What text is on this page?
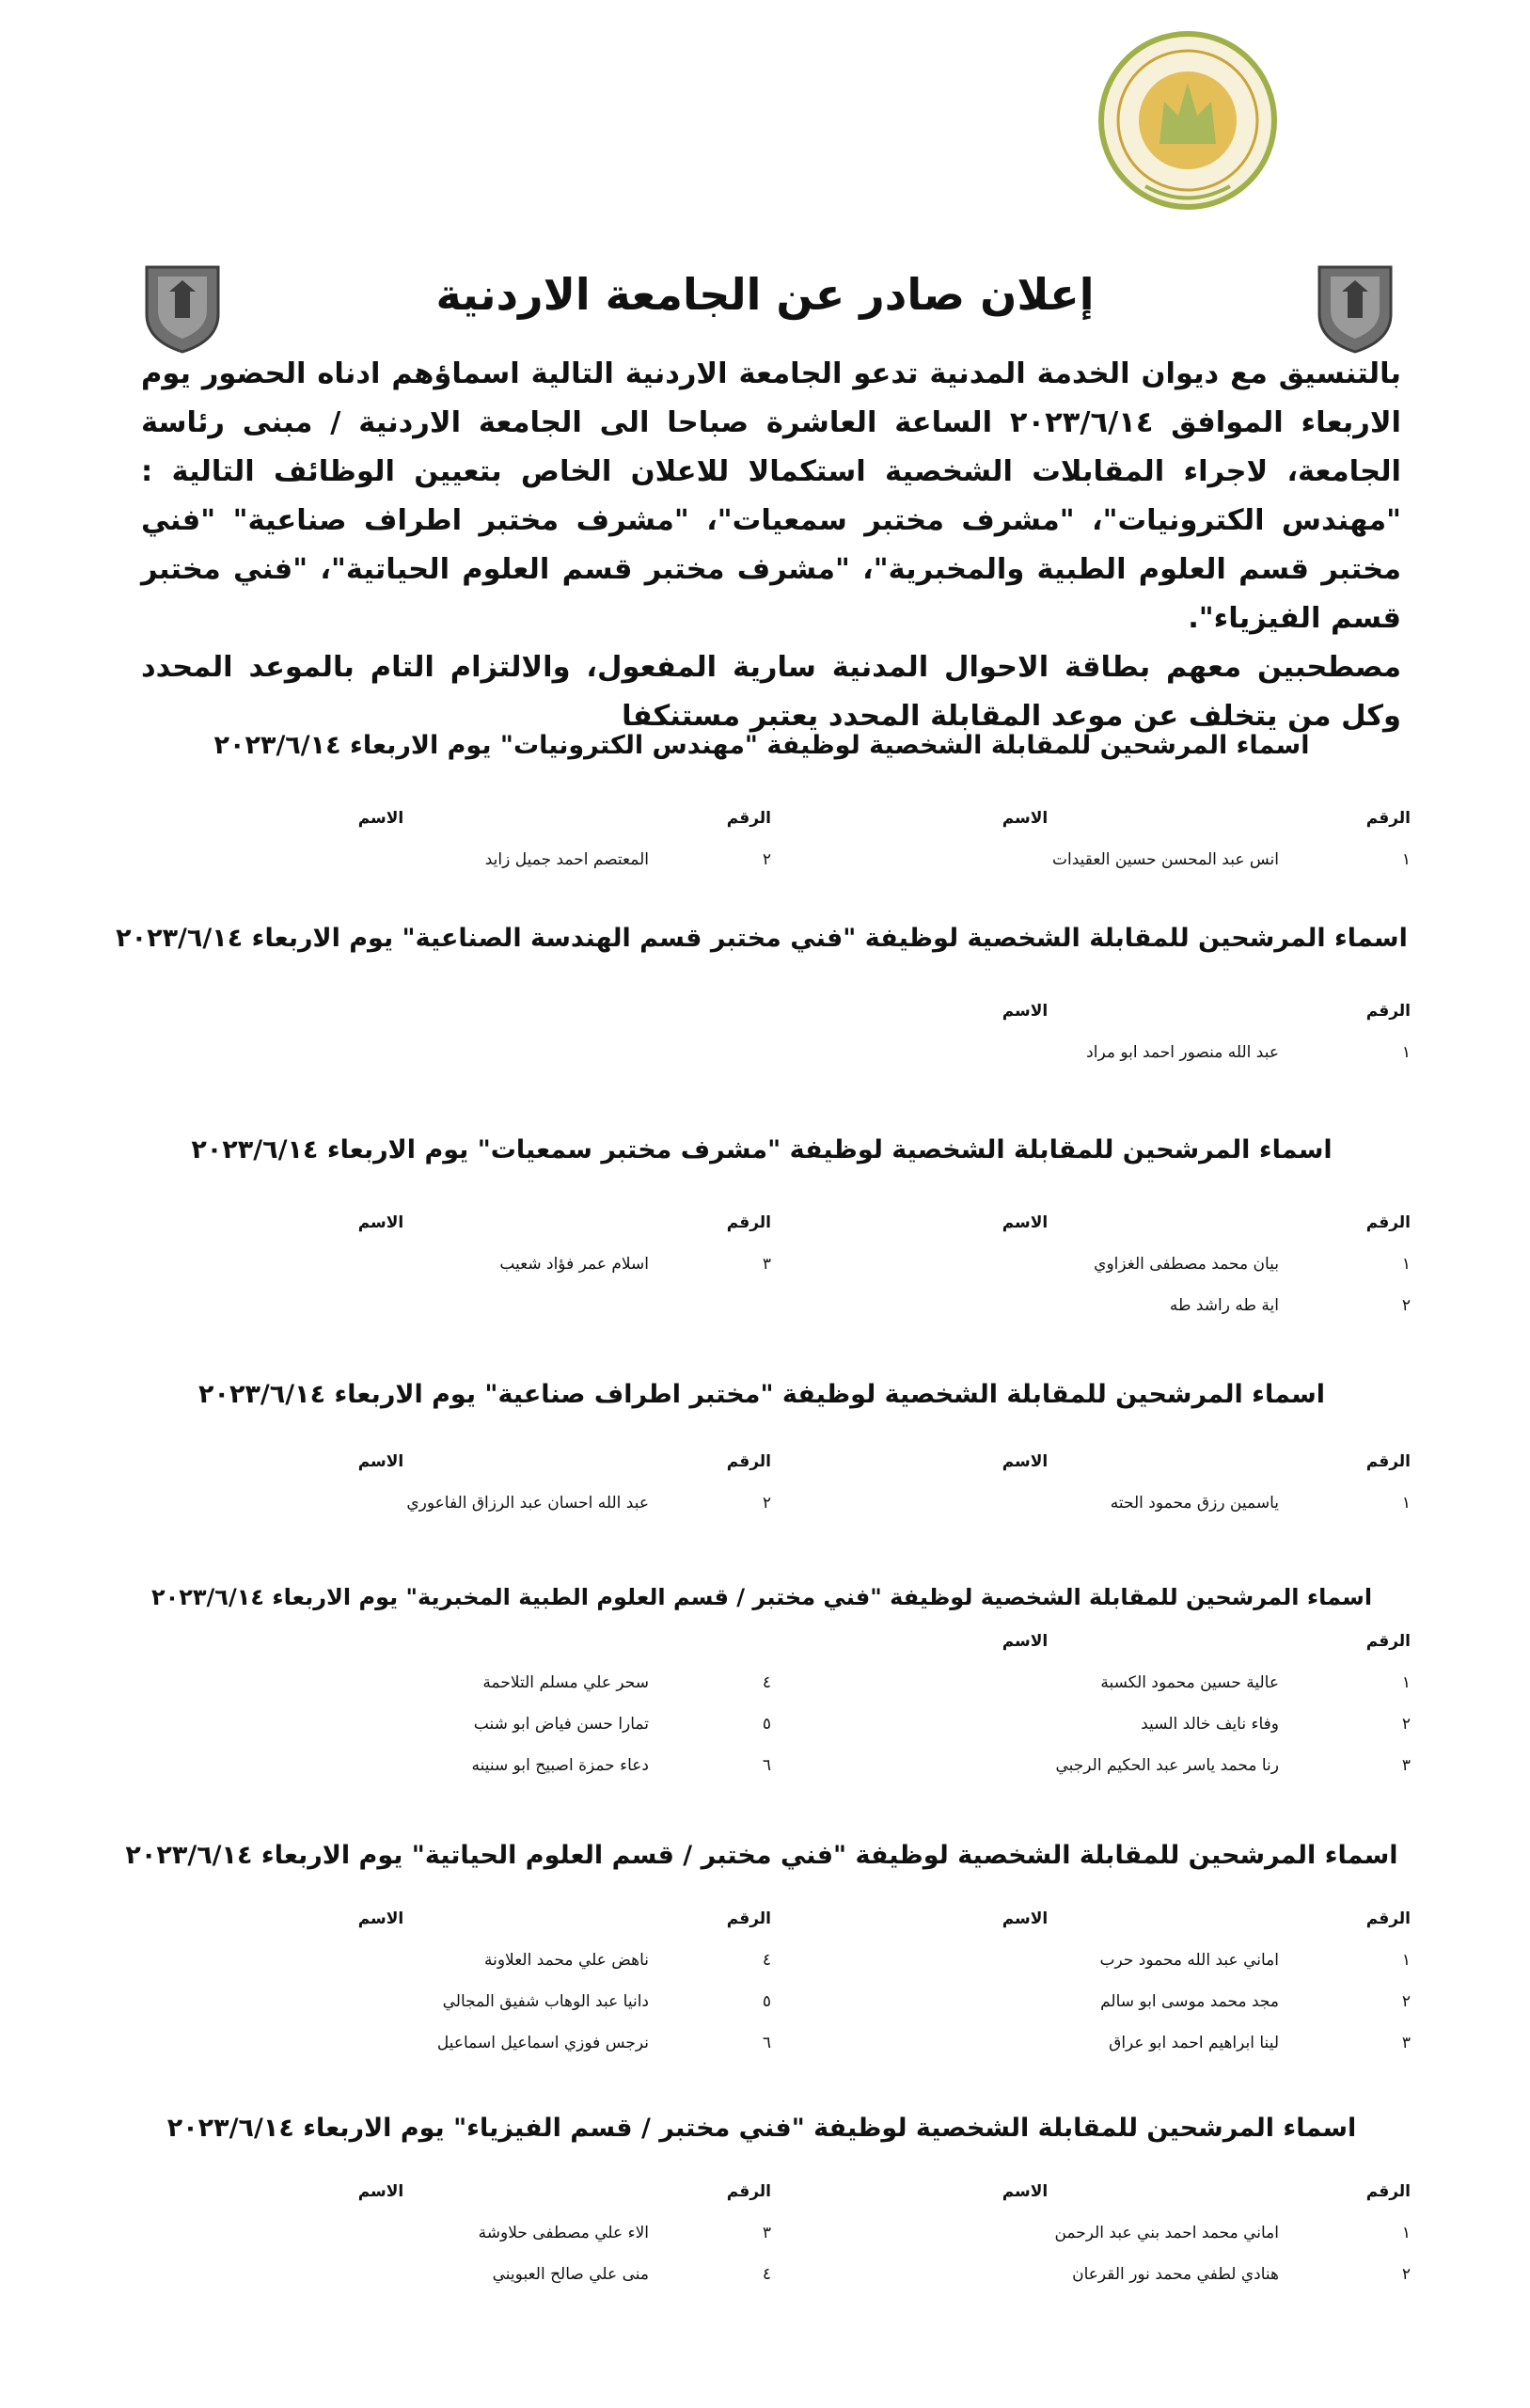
إعلان صادر عن الجامعة الاردنية

بالتنسيق مع ديوان الخدمة المدنية تدعو الجامعة الاردنية التالية اسماؤهم ادناه الحضور يوم الاربعاء الموافق ٢٠٢٣/٦/١٤ الساعة العاشرة صباحا الى الجامعة الاردنية / مبنى رئاسة الجامعة، لاجراء المقابلات الشخصية استكمالا للاعلان الخاص بتعيين الوظائف التالية : "مهندس الكترونيات"، "مشرف مختبر سمعيات"، "مشرف مختبر اطراف صناعية" "فني مختبر قسم العلوم الطبية والمخبرية"، "مشرف مختبر قسم العلوم الحياتية"، "فني مختبر قسم الفيزياء".

مصطحبين معهم بطاقة الاحوال المدنية سارية المفعول، والالتزام التام بالموعد المحدد وكل من يتخلف عن موعد المقابلة المحدد يعتبر مستنكفا

اسماء المرشحين للمقابلة الشخصية لوظيفة "مهندس الكترونيات" يوم الاربعاء ٢٠٢٣/٦/١٤
الرقم	الاسم	الرقم	الاسم
١	انس عبد المحسن حسين العقيدات	٢	المعتصم احمد جميل زايد
اسماء المرشحين للمقابلة الشخصية لوظيفة "فني مختبر قسم الهندسة الصناعية" يوم الاربعاء ٢٠٢٣/٦/١٤
الرقم	الاسم		
١	عبد الله منصور احمد ابو مراد		
اسماء المرشحين للمقابلة الشخصية لوظيفة "مشرف مختبر سمعيات" يوم الاربعاء ٢٠٢٣/٦/١٤
الرقم	الاسم	الرقم	الاسم
١	بيان محمد مصطفى الغزاوي	٣	اسلام عمر فؤاد شعيب
٢	اية طه راشد طه		
اسماء المرشحين للمقابلة الشخصية لوظيفة "مختبر اطراف صناعية" يوم الاربعاء ٢٠٢٣/٦/١٤
الرقم	الاسم	الرقم	الاسم
١	ياسمين رزق محمود الحته	٢	عبد الله احسان عبد الرزاق الفاعوري
اسماء المرشحين للمقابلة الشخصية لوظيفة "فني مختبر / قسم العلوم الطبية المخبرية" يوم الاربعاء ٢٠٢٣/٦/١٤
الرقم	الاسم		
١	عالية حسين محمود الكسبة	٤	سحر علي مسلم التلاحمة
٢	وفاء نايف خالد السيد	٥	تمارا حسن فياض ابو شنب
٣	رنا محمد ياسر عبد الحكيم الرجبي	٦	دعاء حمزة اصبيح ابو سنينه
اسماء المرشحين للمقابلة الشخصية لوظيفة "فني مختبر / قسم العلوم الحياتية" يوم الاربعاء ٢٠٢٣/٦/١٤
الرقم	الاسم	الرقم	الاسم
١	اماني عبد الله محمود حرب	٤	ناهض علي محمد العلاونة
٢	مجد محمد موسى ابو سالم	٥	دانيا عبد الوهاب شفيق المجالي
٣	لينا ابراهيم احمد ابو عراق	٦	نرجس فوزي اسماعيل اسماعيل
اسماء المرشحين للمقابلة الشخصية لوظيفة "فني مختبر / قسم الفيزياء" يوم الاربعاء ٢٠٢٣/٦/١٤
الرقم	الاسم	الرقم	الاسم
١	اماني محمد احمد بني عبد الرحمن	٣	الاء علي مصطفى حلاوشة
٢	هنادي لطفي محمد نور القرعان	٤	منى علي صالح العبويني
